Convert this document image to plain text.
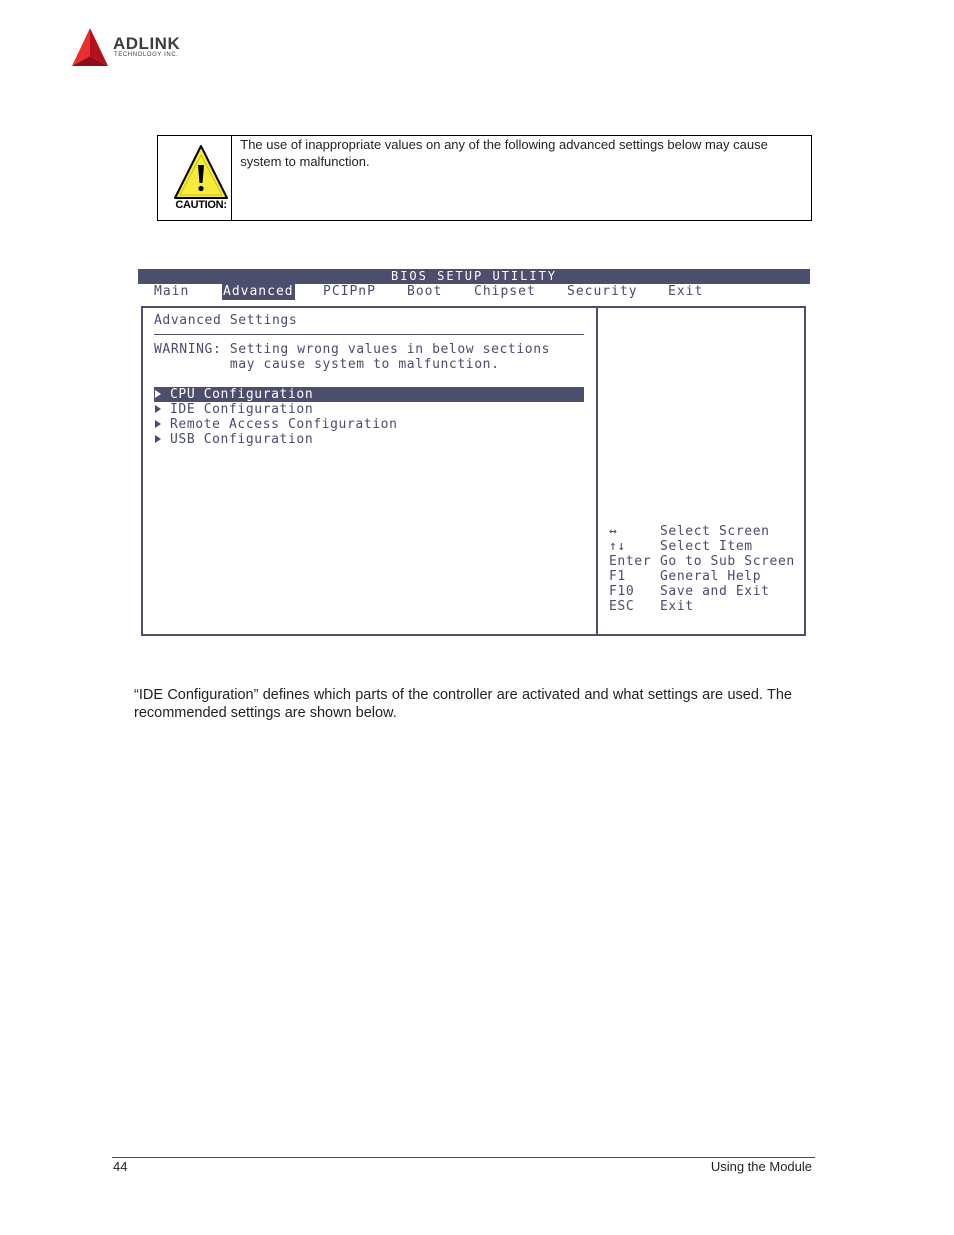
ADLINK
TECHNOLOGY INC.
CAUTION:
The use of inappropriate values on any of the following advanced settings below may cause system to malfunction.
BIOS SETUP UTILITY
Main	Advanced PCIPnP Boot Chipset Security Exit
Advanced Settings
WARNING: Setting wrong values in below sections
may cause system to malfunction.
CPU Configuration
IDE Configuration
Remote Access Configuration
USB Configuration
↔	Select Screen
↑↓	Select Item
Enter Go to Sub Screen
F1	General Help
F10 Save and Exit
ESC Exit
“IDE Configuration” defines which parts of the controller are activated and what settings are used. The recommended settings are shown below.
44	Using the Module
